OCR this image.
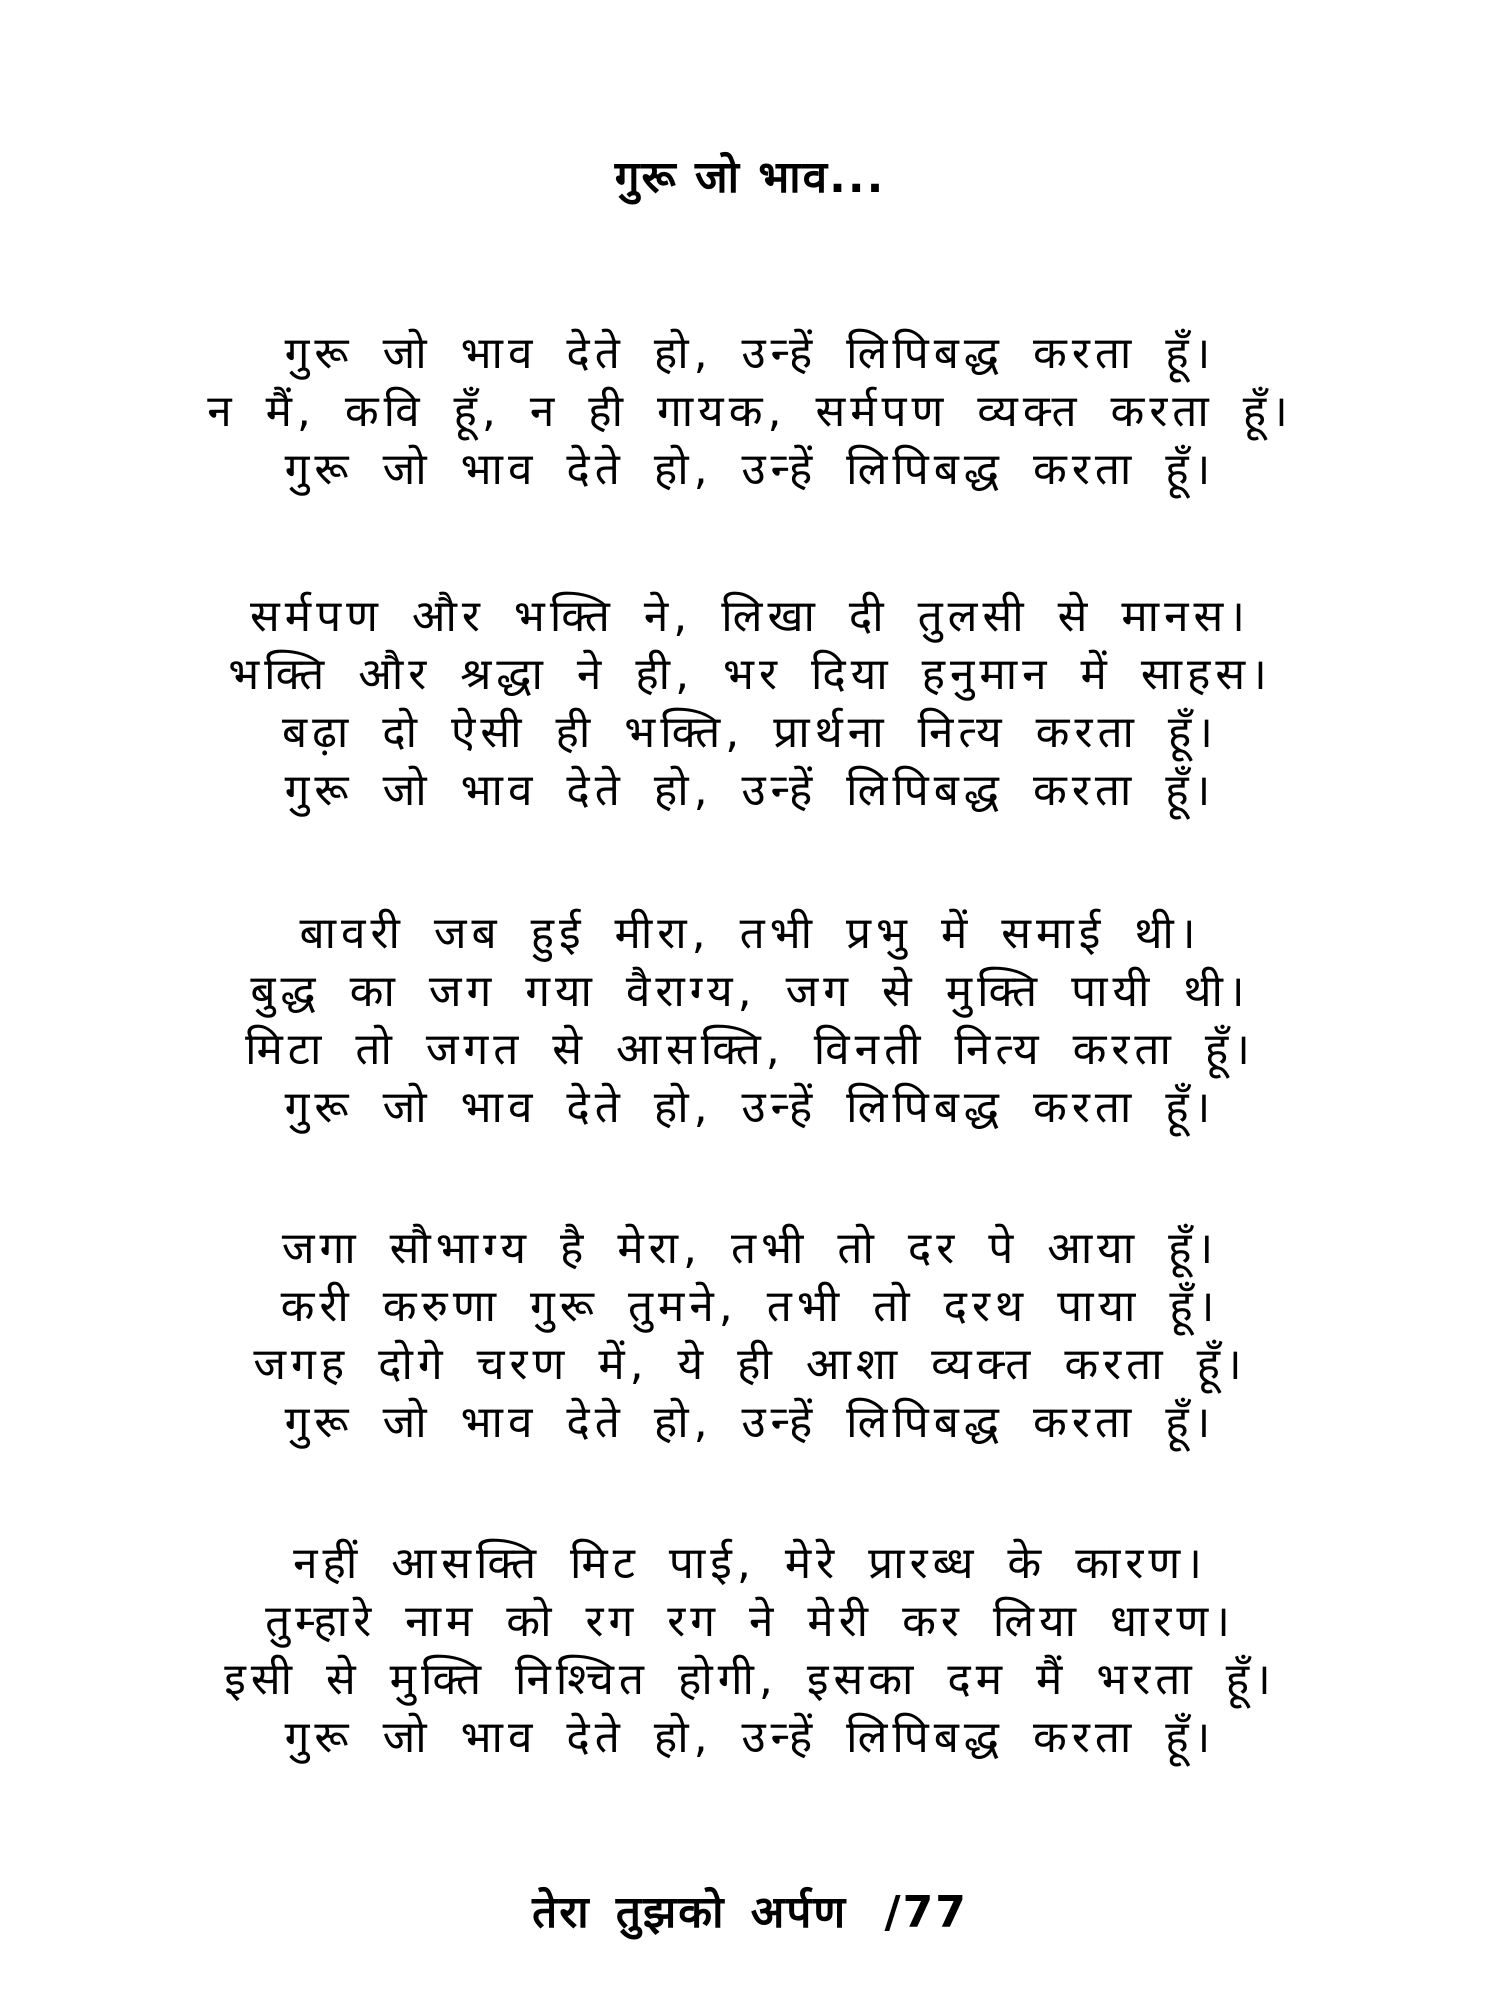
गुरू जो भाव...
गुरू जो भाव देते हो, उन्हें लिपिबद्ध करता हूँ।
न मैं, कवि हूँ, न ही गायक, सर्मपण व्यक्त करता हूँ।
गुरू जो भाव देते हो, उन्हें लिपिबद्ध करता हूँ।
सर्मपण और भक्ति ने, लिखा दी तुलसी से मानस।
भक्ति और श्रद्धा ने ही, भर दिया हनुमान में साहस।
बढ़ा दो ऐसी ही भक्ति, प्रार्थना नित्य करता हूँ।
गुरू जो भाव देते हो, उन्हें लिपिबद्ध करता हूँ।
बावरी जब हुई मीरा, तभी प्रभु में समाई थी।
बुद्ध का जग गया वैराग्य, जग से मुक्ति पायी थी।
मिटा तो जगत से आसक्ति, विनती नित्य करता हूँ।
गुरू जो भाव देते हो, उन्हें लिपिबद्ध करता हूँ।
जगा सौभाग्य है मेरा, तभी तो दर पे आया हूँ।
करी करुणा गुरू तुमने, तभी तो दरथ पाया हूँ।
जगह दोगे चरण में, ये ही आशा व्यक्त करता हूँ।
गुरू जो भाव देते हो, उन्हें लिपिबद्ध करता हूँ।
नहीं आसक्ति मिट पाई, मेरे प्रारब्ध के कारण।
तुम्हारे नाम को रग रग ने मेरी कर लिया धारण।
इसी से मुक्ति निश्चित होगी, इसका दम मैं भरता हूँ।
गुरू जो भाव देते हो, उन्हें लिपिबद्ध करता हूँ।
तेरा तुझको अर्पण /77
